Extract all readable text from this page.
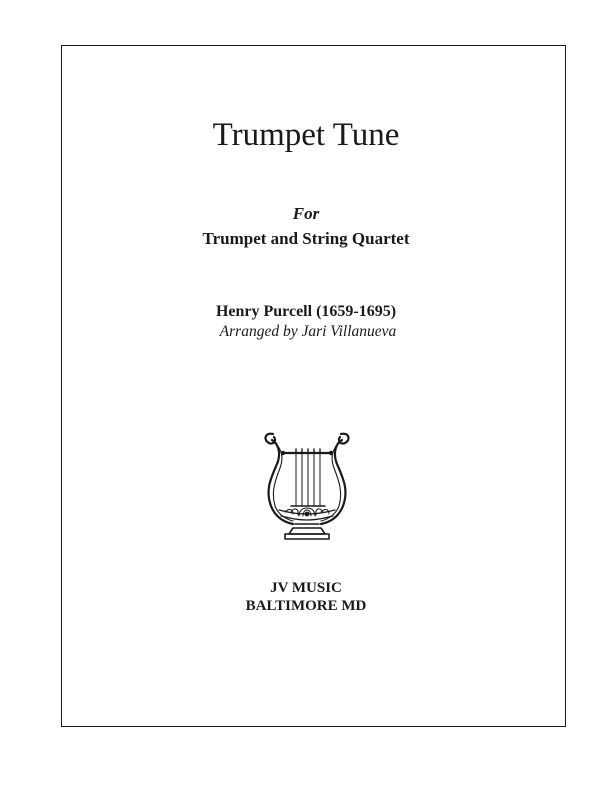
Trumpet Tune
For
Trumpet and String Quartet
Henry Purcell (1659-1695)
Arranged by Jari Villanueva
JV MUSIC
BALTIMORE MD
